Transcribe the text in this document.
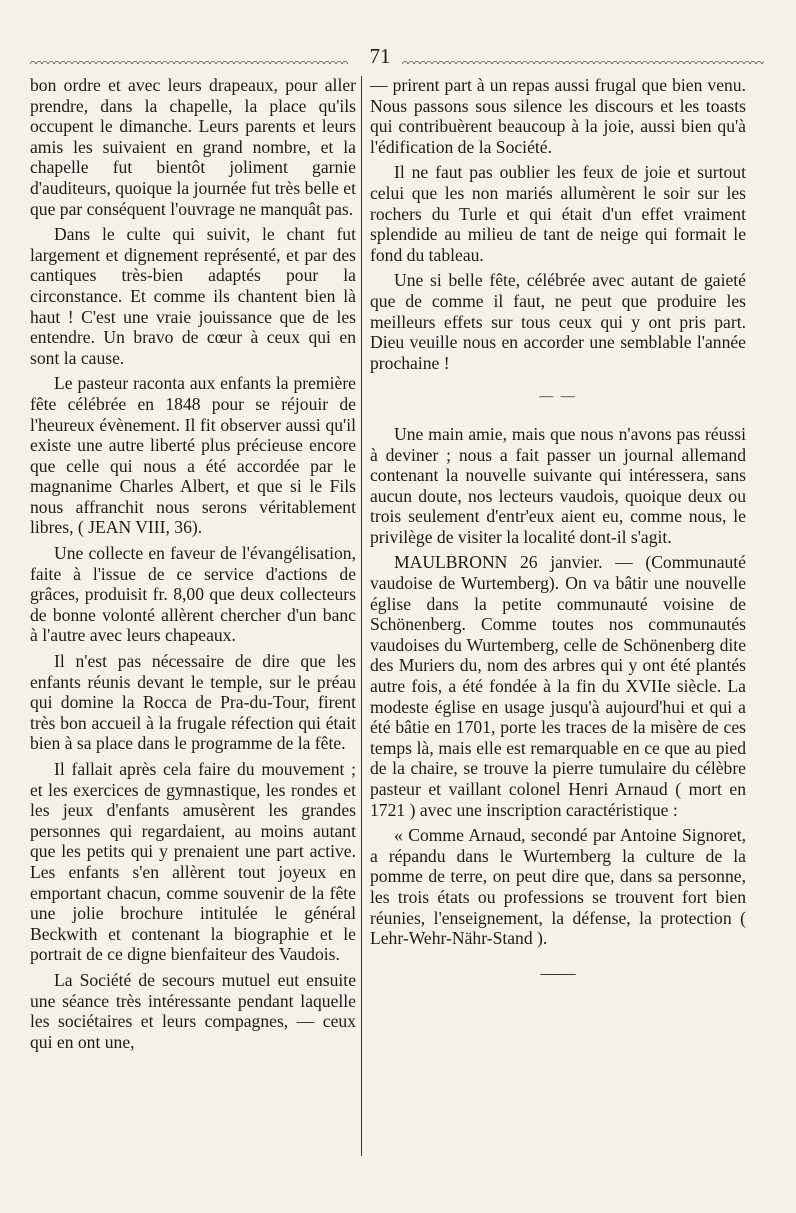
71

bon ordre et avec leurs drapeaux, pour aller prendre, dans la chapelle, la place qu'ils occupent le dimanche. Leurs parents et leurs amis les suivaient en grand nombre, et la chapelle fut bientôt joliment garnie d'auditeurs, quoique la journée fut très belle et que par conséquent l'ouvrage ne manquât pas.

Dans le culte qui suivit, le chant fut largement et dignement représenté, et par des cantiques très-bien adaptés pour la circonstance. Et comme ils chantent bien là haut ! C'est une vraie jouissance que de les entendre. Un bravo de cœur à ceux qui en sont la cause.

Le pasteur raconta aux enfants la première fête célébrée en 1848 pour se réjouir de l'heureux évènement. Il fit observer aussi qu'il existe une autre liberté plus précieuse encore que celle qui nous a été accordée par le magnanime Charles Albert, et que si le Fils nous affranchit nous serons véritablement libres, ( JEAN VIII, 36).

Une collecte en faveur de l'évangélisation, faite à l'issue de ce service d'actions de grâces, produisit fr. 8,00 que deux collecteurs de bonne volonté allèrent chercher d'un banc à l'autre avec leurs chapeaux.

Il n'est pas nécessaire de dire que les enfants réunis devant le temple, sur le préau qui domine la Rocca de Pra-du-Tour, firent très bon accueil à la frugale réfection qui était bien à sa place dans le programme de la fête.

Il fallait après cela faire du mouvement ; et les exercices de gymnastique, les rondes et les jeux d'enfants amusèrent les grandes personnes qui regardaient, au moins autant que les petits qui y prenaient une part active. Les enfants s'en allèrent tout joyeux en emportant chacun, comme souvenir de la fête une jolie brochure intitulée le général Beckwith et contenant la biographie et le portrait de ce digne bienfaiteur des Vaudois.

La Société de secours mutuel eut ensuite une séance très intéressante pendant laquelle les sociétaires et leurs compagnes, — ceux qui en ont une,

— prirent part à un repas aussi frugal que bien venu. Nous passons sous silence les discours et les toasts qui contribuèrent beaucoup à la joie, aussi bien qu'à l'édification de la Société.

Il ne faut pas oublier les feux de joie et surtout celui que les non mariés allumèrent le soir sur les rochers du Turle et qui était d'un effet vraiment splendide au milieu de tant de neige qui formait le fond du tableau.

Une si belle fête, célébrée avec autant de gaieté que de comme il faut, ne peut que produire les meilleurs effets sur tous ceux qui y ont pris part. Dieu veuille nous en accorder une semblable l'année prochaine !

— —

Une main amie, mais que nous n'avons pas réussi à deviner ; nous a fait passer un journal allemand contenant la nouvelle suivante qui intéressera, sans aucun doute, nos lecteurs vaudois, quoique deux ou trois seulement d'entr'eux aient eu, comme nous, le privilège de visiter la localité dont-il s'agit.

MAULBRONN 26 janvier. — (Communauté vaudoise de Wurtemberg). On va bâtir une nouvelle église dans la petite communauté voisine de Schönenberg. Comme toutes nos communautés vaudoises du Wurtemberg, celle de Schönenberg dite des Muriers du, nom des arbres qui y ont été plantés autre fois, a été fondée à la fin du XVIIe siècle. La modeste église en usage jusqu'à aujourd'hui et qui a été bâtie en 1701, porte les traces de la misère de ces temps là, mais elle est remarquable en ce que au pied de la chaire, se trouve la pierre tumulaire du célèbre pasteur et vaillant colonel Henri Arnaud ( mort en 1721 ) avec une inscription caractéristique :

« Comme Arnaud, secondé par Antoine Signoret, a répandu dans le Wurtemberg la culture de la pomme de terre, on peut dire que, dans sa personne, les trois états ou professions se trouvent fort bien réunies, l'enseignement, la défense, la protection ( Lehr-Wehr-Nähr-Stand ).

——
